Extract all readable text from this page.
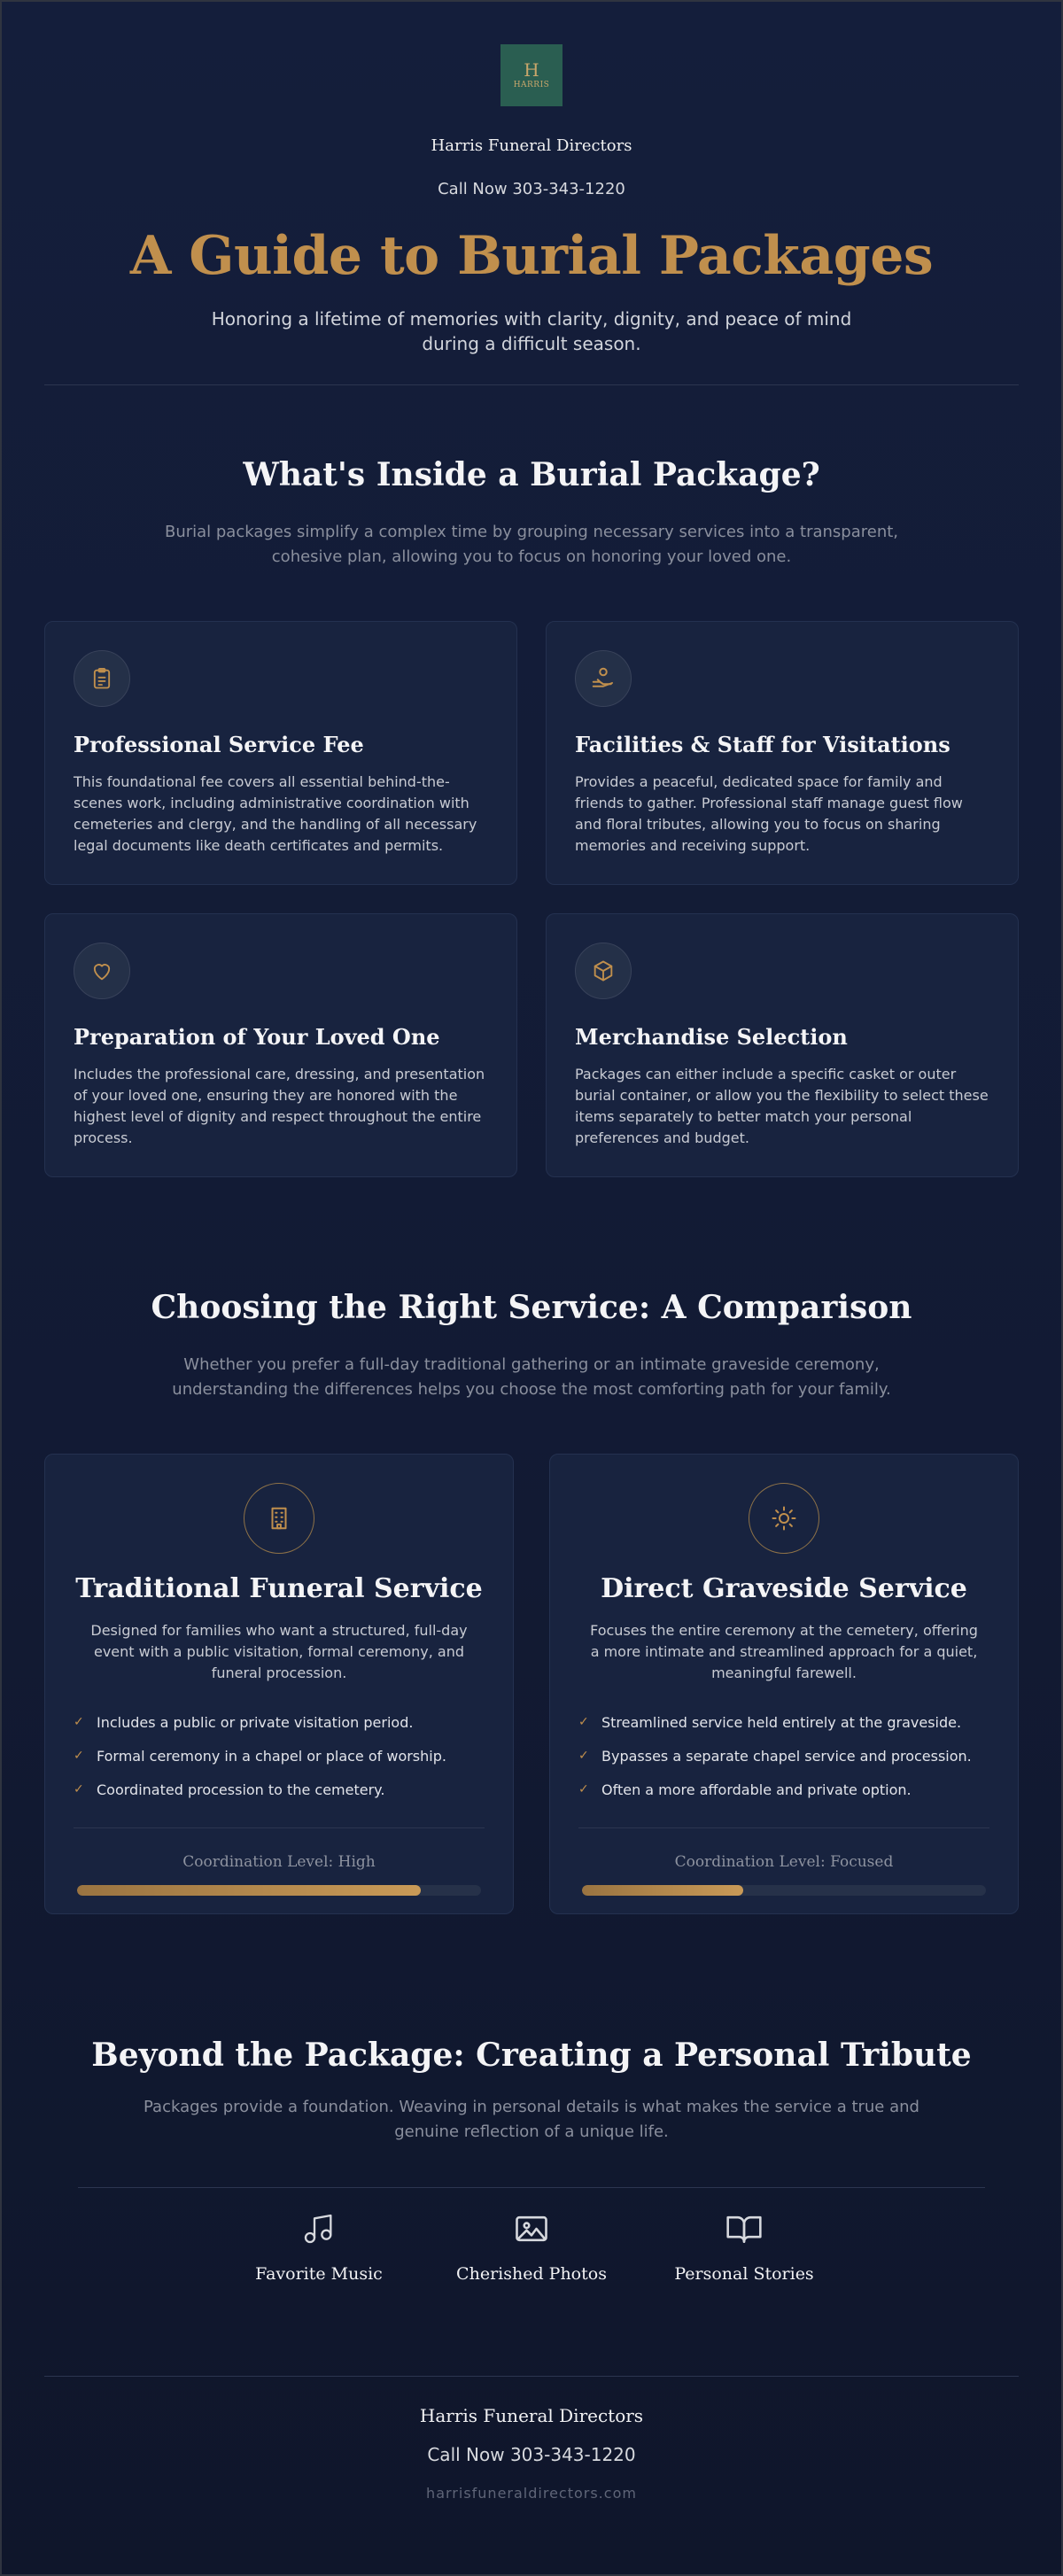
H
HARRIS
Harris Funeral Directors
Call Now 303-343-1220
A Guide to Burial Packages

Honoring a lifetime of memories with clarity, dignity, and peace of mind during a difficult season.

What's Inside a Burial Package?

Burial packages simplify a complex time by grouping necessary services into a transparent, cohesive plan, allowing you to focus on honoring your loved one.

Professional Service Fee

This foundational fee covers all essential behind-the-scenes work, including administrative coordination with cemeteries and clergy, and the handling of all necessary legal documents like death certificates and permits.

Facilities & Staff for Visitations

Provides a peaceful, dedicated space for family and friends to gather. Professional staff manage guest flow and floral tributes, allowing you to focus on sharing memories and receiving support.

Preparation of Your Loved One

Includes the professional care, dressing, and presentation of your loved one, ensuring they are honored with the highest level of dignity and respect throughout the entire process.

Merchandise Selection

Packages can either include a specific casket or outer burial container, or allow you the flexibility to select these items separately to better match your personal preferences and budget.

Choosing the Right Service: A Comparison

Whether you prefer a full-day traditional gathering or an intimate graveside ceremony, understanding the differences helps you choose the most comforting path for your family.

Traditional Funeral Service

Designed for families who want a structured, full-day event with a public visitation, formal ceremony, and funeral procession.

✓ Includes a public or private visitation period.
✓ Formal ceremony in a chapel or place of worship.
✓ Coordinated procession to the cemetery.
Coordination Level: High
Direct Graveside Service

Focuses the entire ceremony at the cemetery, offering a more intimate and streamlined approach for a quiet, meaningful farewell.

✓ Streamlined service held entirely at the graveside.
✓ Bypasses a separate chapel service and procession.
✓ Often a more affordable and private option.
Coordination Level: Focused
Beyond the Package: Creating a Personal Tribute

Packages provide a foundation. Weaving in personal details is what makes the service a true and genuine reflection of a unique life.

Favorite Music	Cherished Photos	Personal Stories
Harris Funeral Directors
Call Now 303-343-1220
harrisfuneraldirectors.com
